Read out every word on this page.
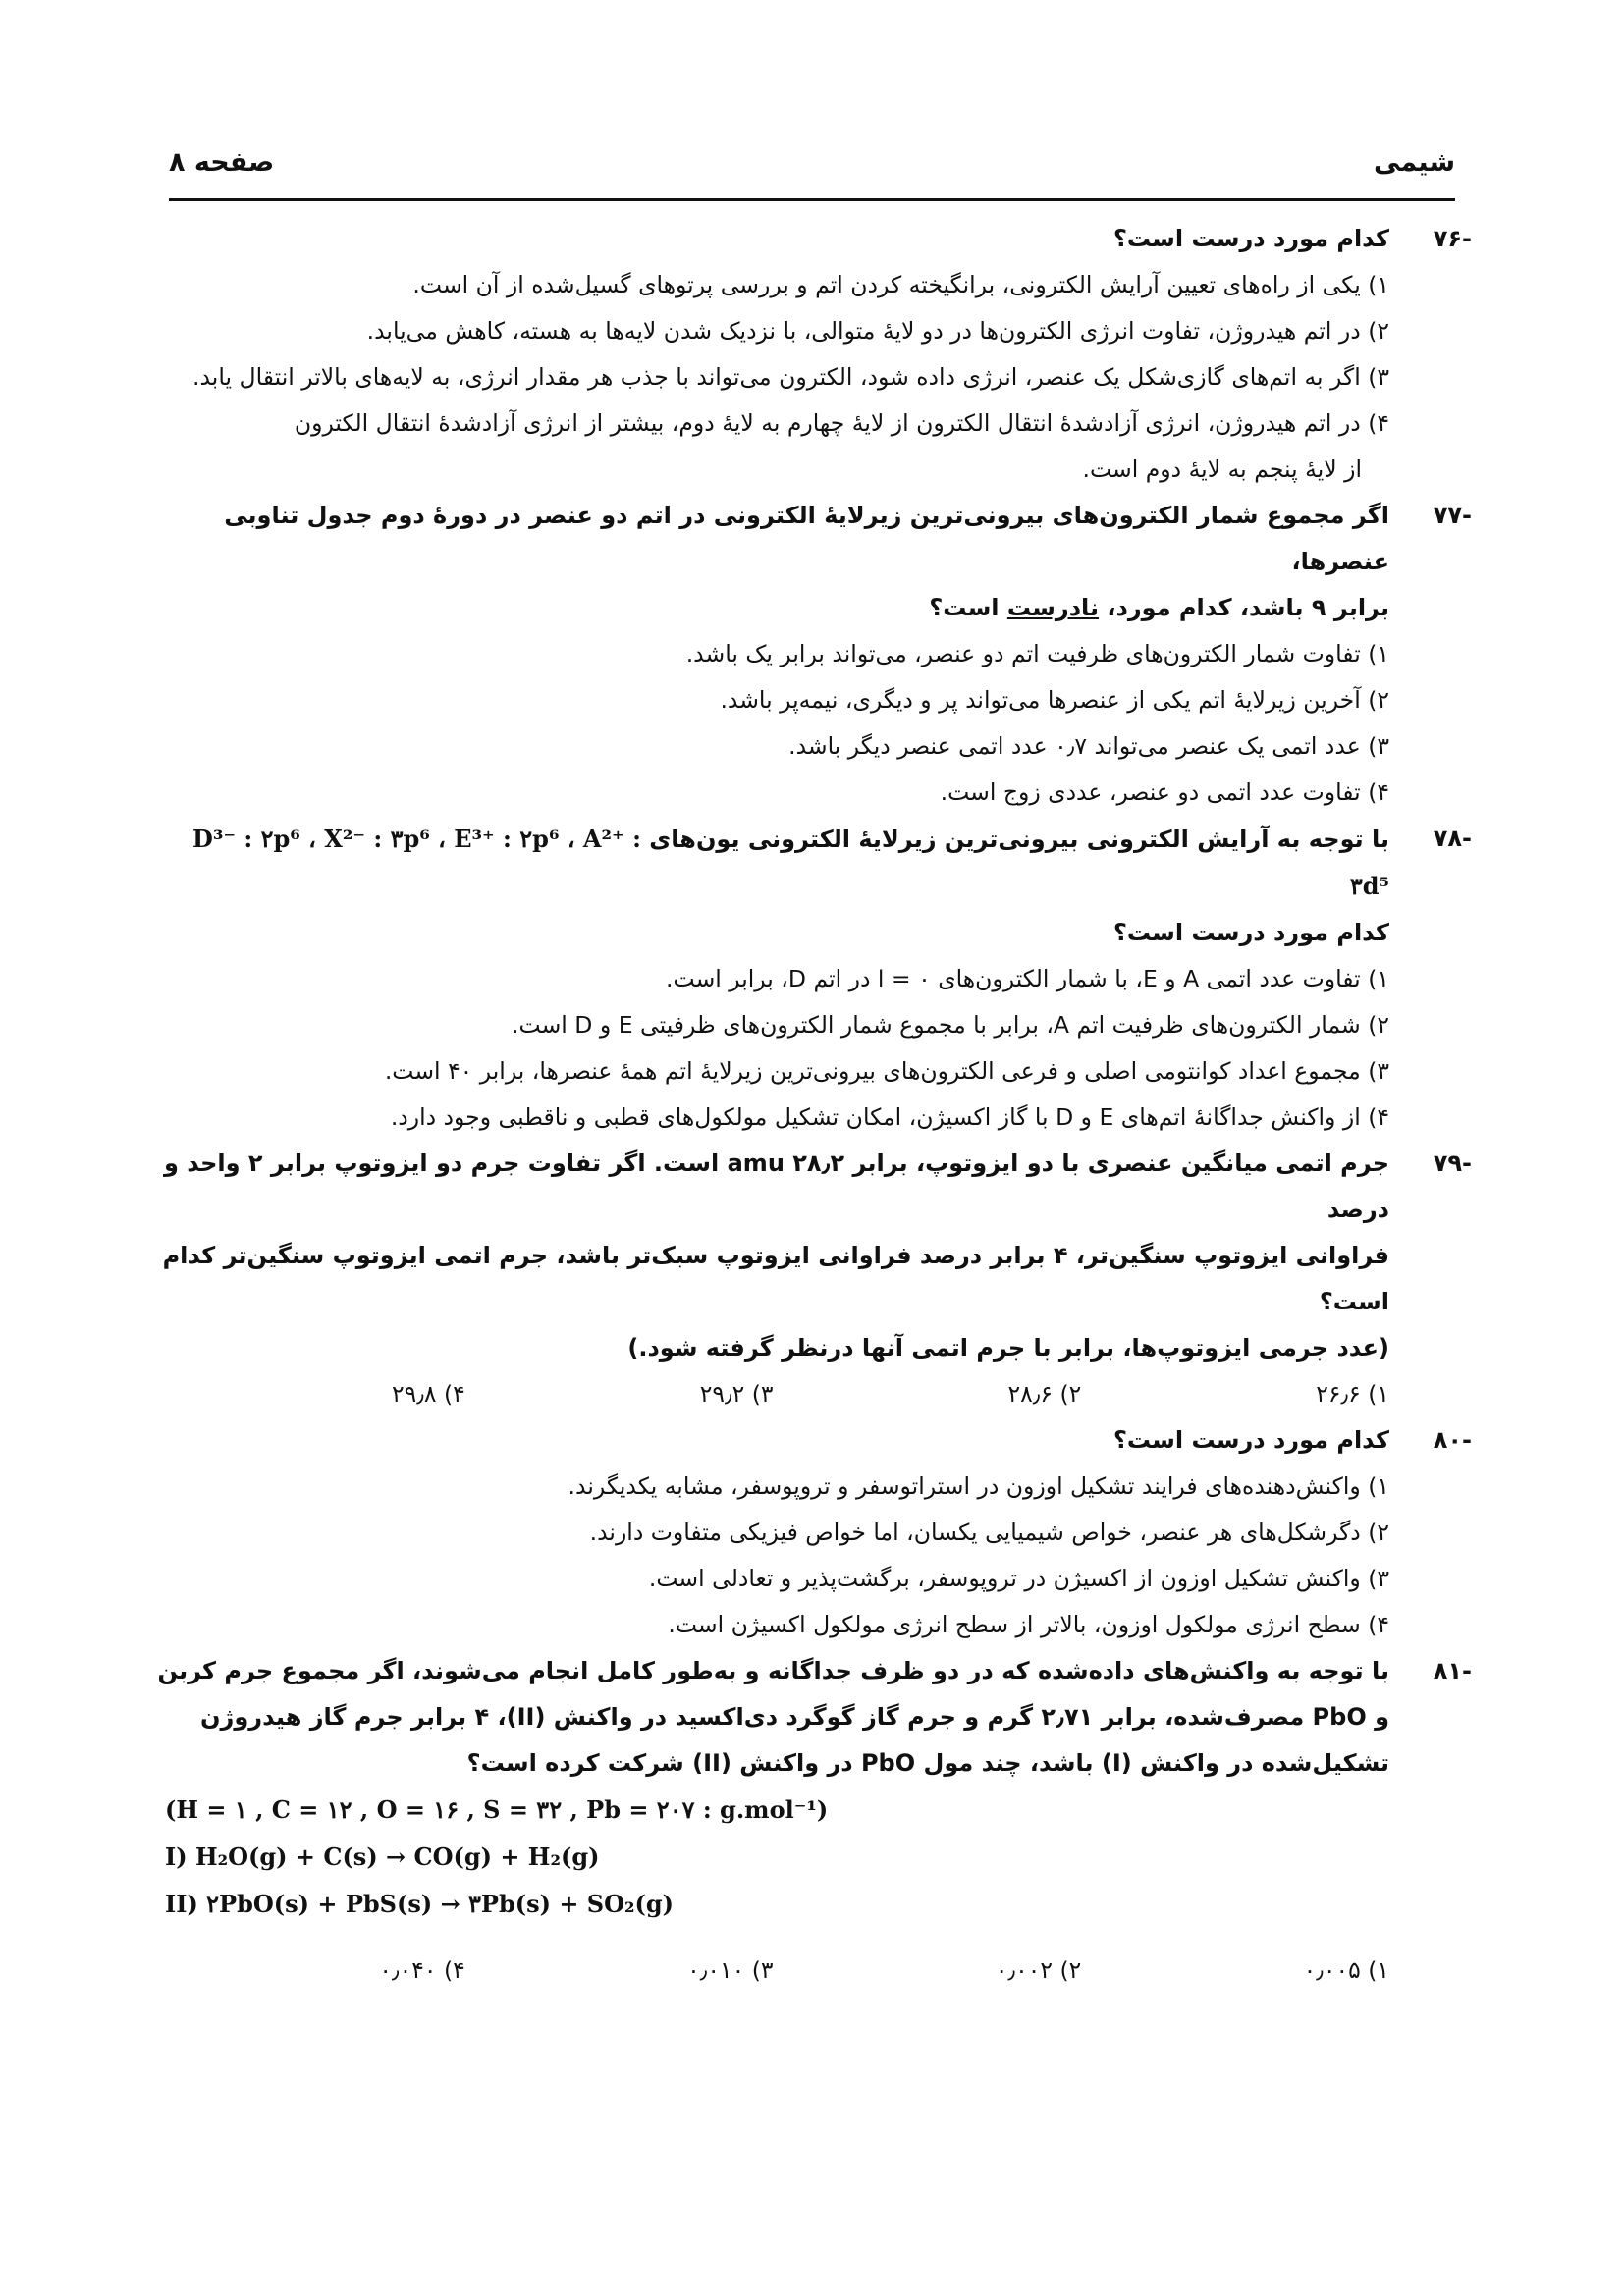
شیمی
صفحه ۸
-۷۶
کدام مورد درست است؟
۱) یکی از راه‌های تعیین آرایش الکترونی، برانگیخته کردن اتم و بررسی پرتوهای گسیل‌شده از آن است.
۲) در اتم هیدروژن، تفاوت انرژی الکترون‌ها در دو لایهٔ متوالی، با نزدیک شدن لایه‌ها به هسته، کاهش می‌یابد.
۳) اگر به اتم‌های گازی‌شکل یک عنصر، انرژی داده شود، الکترون می‌تواند با جذب هر مقدار انرژی، به لایه‌های بالاتر انتقال یابد.
۴) در اتم هیدروژن، انرژی آزادشدهٔ انتقال الکترون از لایهٔ چهارم به لایهٔ دوم، بیشتر از انرژی آزادشدهٔ انتقال الکترون
از لایهٔ پنجم به لایهٔ دوم است.
-۷۷
اگر مجموع شمار الکترون‌های بیرونی‌ترین زیرلایهٔ الکترونی در اتم دو عنصر در دورهٔ دوم جدول تناوبی عنصرها،
برابر ۹ باشد، کدام مورد، نادرست است؟
۱) تفاوت شمار الکترون‌های ظرفیت اتم دو عنصر، می‌تواند برابر یک باشد.
۲) آخرین زیرلایهٔ اتم یکی از عنصرها می‌تواند پر و دیگری، نیمه‌پر باشد.
۳) عدد اتمی یک عنصر می‌تواند ۰٫۷ عدد اتمی عنصر دیگر باشد.
۴) تفاوت عدد اتمی دو عنصر، عددی زوج است.
-۷۸
با توجه به آرایش الکترونی بیرونی‌ترین زیرلایهٔ الکترونی یون‌های D³⁻ : ۲p⁶ ، X²⁻ : ۳p⁶ ، E³⁺ : ۲p⁶ ، A²⁺ : ۳d⁵
کدام مورد درست است؟
۱) تفاوت عدد اتمی A و E، با شمار الکترون‌های l = ۰ در اتم D، برابر است.
۲) شمار الکترون‌های ظرفیت اتم A، برابر با مجموع شمار الکترون‌های ظرفیتی E و D است.
۳) مجموع اعداد کوانتومی اصلی و فرعی الکترون‌های بیرونی‌ترین زیرلایهٔ اتم همهٔ عنصرها، برابر ۴۰ است.
۴) از واکنش جداگانهٔ اتم‌های E و D با گاز اکسیژن، امکان تشکیل مولکول‌های قطبی و ناقطبی وجود دارد.
-۷۹
جرم اتمی میانگین عنصری با دو ایزوتوپ، برابر ۲۸٫۲ amu است. اگر تفاوت جرم دو ایزوتوپ برابر ۲ واحد و درصد
فراوانی ایزوتوپ سنگین‌تر، ۴ برابر درصد فراوانی ایزوتوپ سبک‌تر باشد، جرم اتمی ایزوتوپ سنگین‌تر کدام است؟
(عدد جرمی ایزوتوپ‌ها، برابر با جرم اتمی آنها درنظر گرفته شود.)
۱) ۲۶٫۶
۲) ۲۸٫۶
۳) ۲۹٫۲
۴) ۲۹٫۸
-۸۰
کدام مورد درست است؟
۱) واکنش‌دهنده‌های فرایند تشکیل اوزون در استراتوسفر و تروپوسفر، مشابه یکدیگرند.
۲) دگرشکل‌های هر عنصر، خواص شیمیایی یکسان، اما خواص فیزیکی متفاوت دارند.
۳) واکنش تشکیل اوزون از اکسیژن در تروپوسفر، برگشت‌پذیر و تعادلی است.
۴) سطح انرژی مولکول اوزون، بالاتر از سطح انرژی مولکول اکسیژن است.
-۸۱
با توجه به واکنش‌های داده‌شده که در دو ظرف جداگانه و به‌طور کامل انجام می‌شوند، اگر مجموع جرم کربن
و PbO مصرف‌شده، برابر ۲٫۷۱ گرم و جرم گاز گوگرد دی‌اکسید در واکنش (II)، ۴ برابر جرم گاز هیدروژن
تشکیل‌شده در واکنش (I) باشد، چند مول PbO در واکنش (II) شرکت کرده است؟
(H = ۱ , C = ۱۲ , O = ۱۶ , S = ۳۲ , Pb = ۲۰۷ : g.mol⁻¹)
I) H₂O(g) + C(s) → CO(g) + H₂(g)
II) ۲PbO(s) + PbS(s) → ۳Pb(s) + SO₂(g)
۱) ۰٫۰۰۵
۲) ۰٫۰۰۲
۳) ۰٫۰۱۰
۴) ۰٫۰۴۰
